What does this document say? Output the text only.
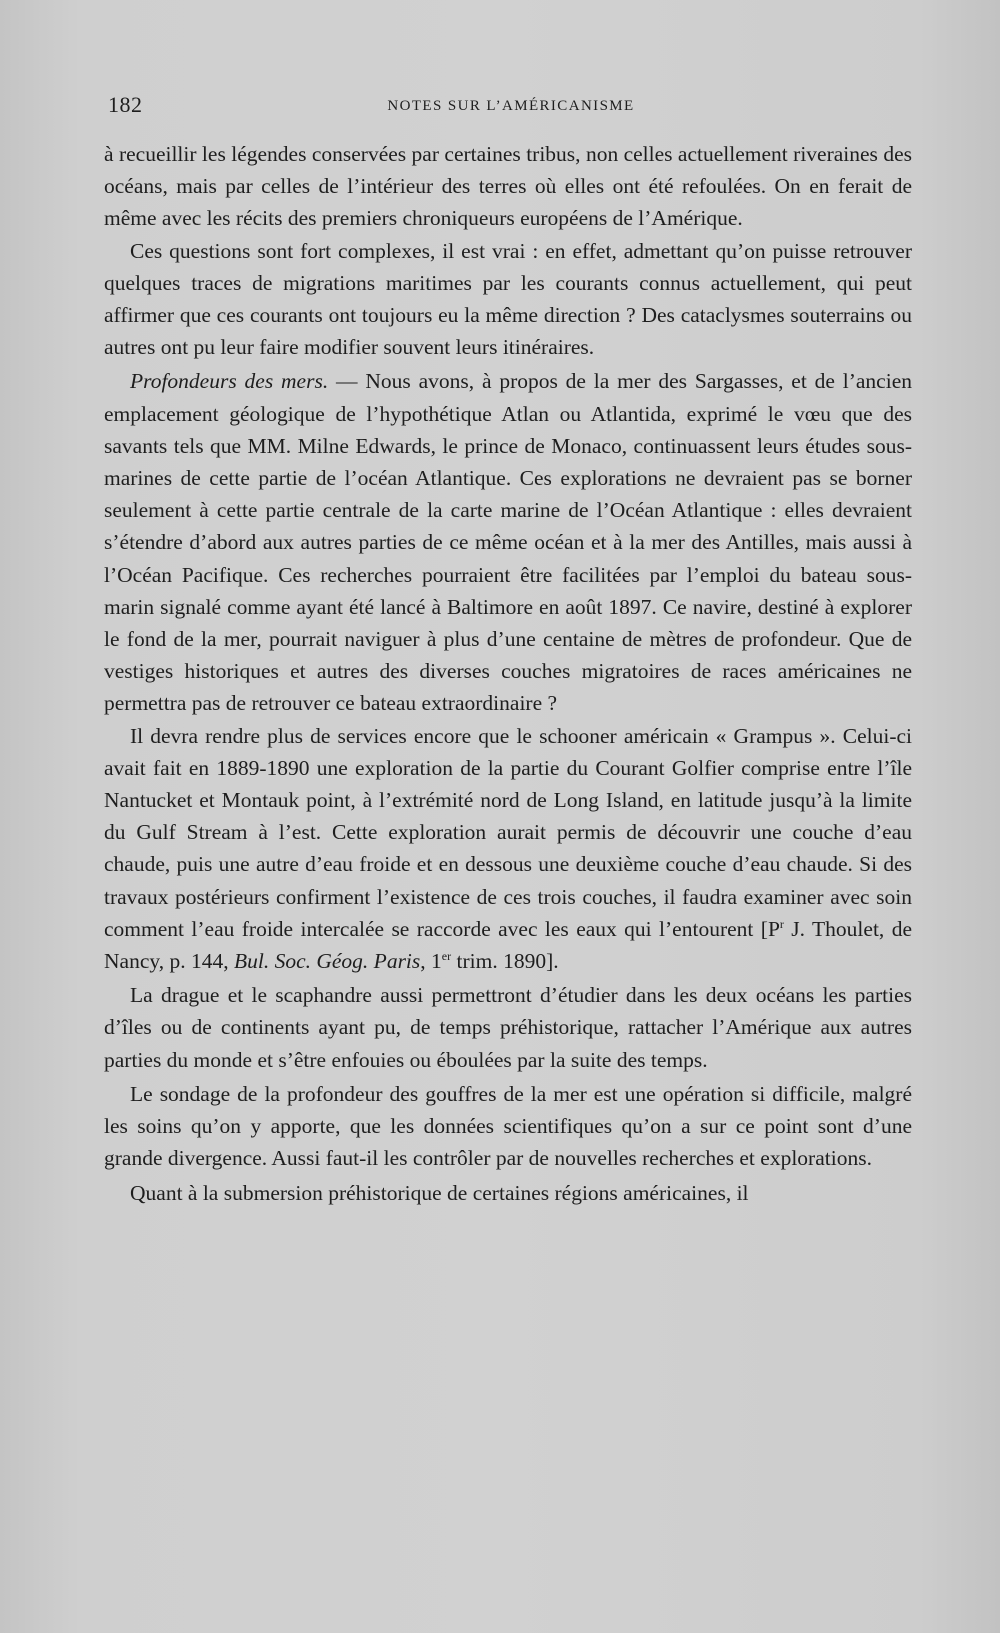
182	NOTES SUR L’AMÉRICANISME

à recueillir les légendes conservées par certaines tribus, non celles actuellement riveraines des océans, mais par celles de l’intérieur des terres où elles ont été refoulées. On en ferait de même avec les récits des premiers chroniqueurs européens de l’Amérique.

Ces questions sont fort complexes, il est vrai : en effet, admettant qu’on puisse retrouver quelques traces de migrations maritimes par les courants connus actuellement, qui peut affirmer que ces courants ont toujours eu la même direction ? Des cataclysmes souterrains ou autres ont pu leur faire modifier souvent leurs itinéraires.

Profondeurs des mers. — Nous avons, à propos de la mer des Sargasses, et de l’ancien emplacement géologique de l’hypothétique Atlan ou Atlantida, exprimé le vœu que des savants tels que MM. Milne Edwards, le prince de Monaco, continuassent leurs études sous-marines de cette partie de l’océan Atlantique. Ces explorations ne devraient pas se borner seulement à cette partie centrale de la carte marine de l’Océan Atlantique : elles devraient s’étendre d’abord aux autres parties de ce même océan et à la mer des Antilles, mais aussi à l’Océan Pacifique. Ces recherches pourraient être facilitées par l’emploi du bateau sous-marin signalé comme ayant été lancé à Baltimore en août 1897. Ce navire, destiné à explorer le fond de la mer, pourrait naviguer à plus d’une centaine de mètres de profondeur. Que de vestiges historiques et autres des diverses couches migratoires de races américaines ne permettra pas de retrouver ce bateau extraordinaire ?

Il devra rendre plus de services encore que le schooner américain « Grampus ». Celui-ci avait fait en 1889-1890 une exploration de la partie du Courant Golfier comprise entre l’île Nantucket et Montauk point, à l’extrémité nord de Long Island, en latitude jusqu’à la limite du Gulf Stream à l’est. Cette exploration aurait permis de découvrir une couche d’eau chaude, puis une autre d’eau froide et en dessous une deuxième couche d’eau chaude. Si des travaux postérieurs confirment l’existence de ces trois couches, il faudra examiner avec soin comment l’eau froide intercalée se raccorde avec les eaux qui l’entourent [$P^r$ J. Thoulet, de Nancy, p. 144, Bul. Soc. Géog. Paris, 1er trim. 1890].

La drague et le scaphandre aussi permettront d’étudier dans les deux océans les parties d’îles ou de continents ayant pu, de temps préhistorique, rattacher l’Amérique aux autres parties du monde et s’être enfouies ou éboulées par la suite des temps.

Le sondage de la profondeur des gouffres de la mer est une opération si difficile, malgré les soins qu’on y apporte, que les données scientifiques qu’on a sur ce point sont d’une grande divergence. Aussi faut-il les contrôler par de nouvelles recherches et explorations.

Quant à la submersion préhistorique de certaines régions américaines, il
